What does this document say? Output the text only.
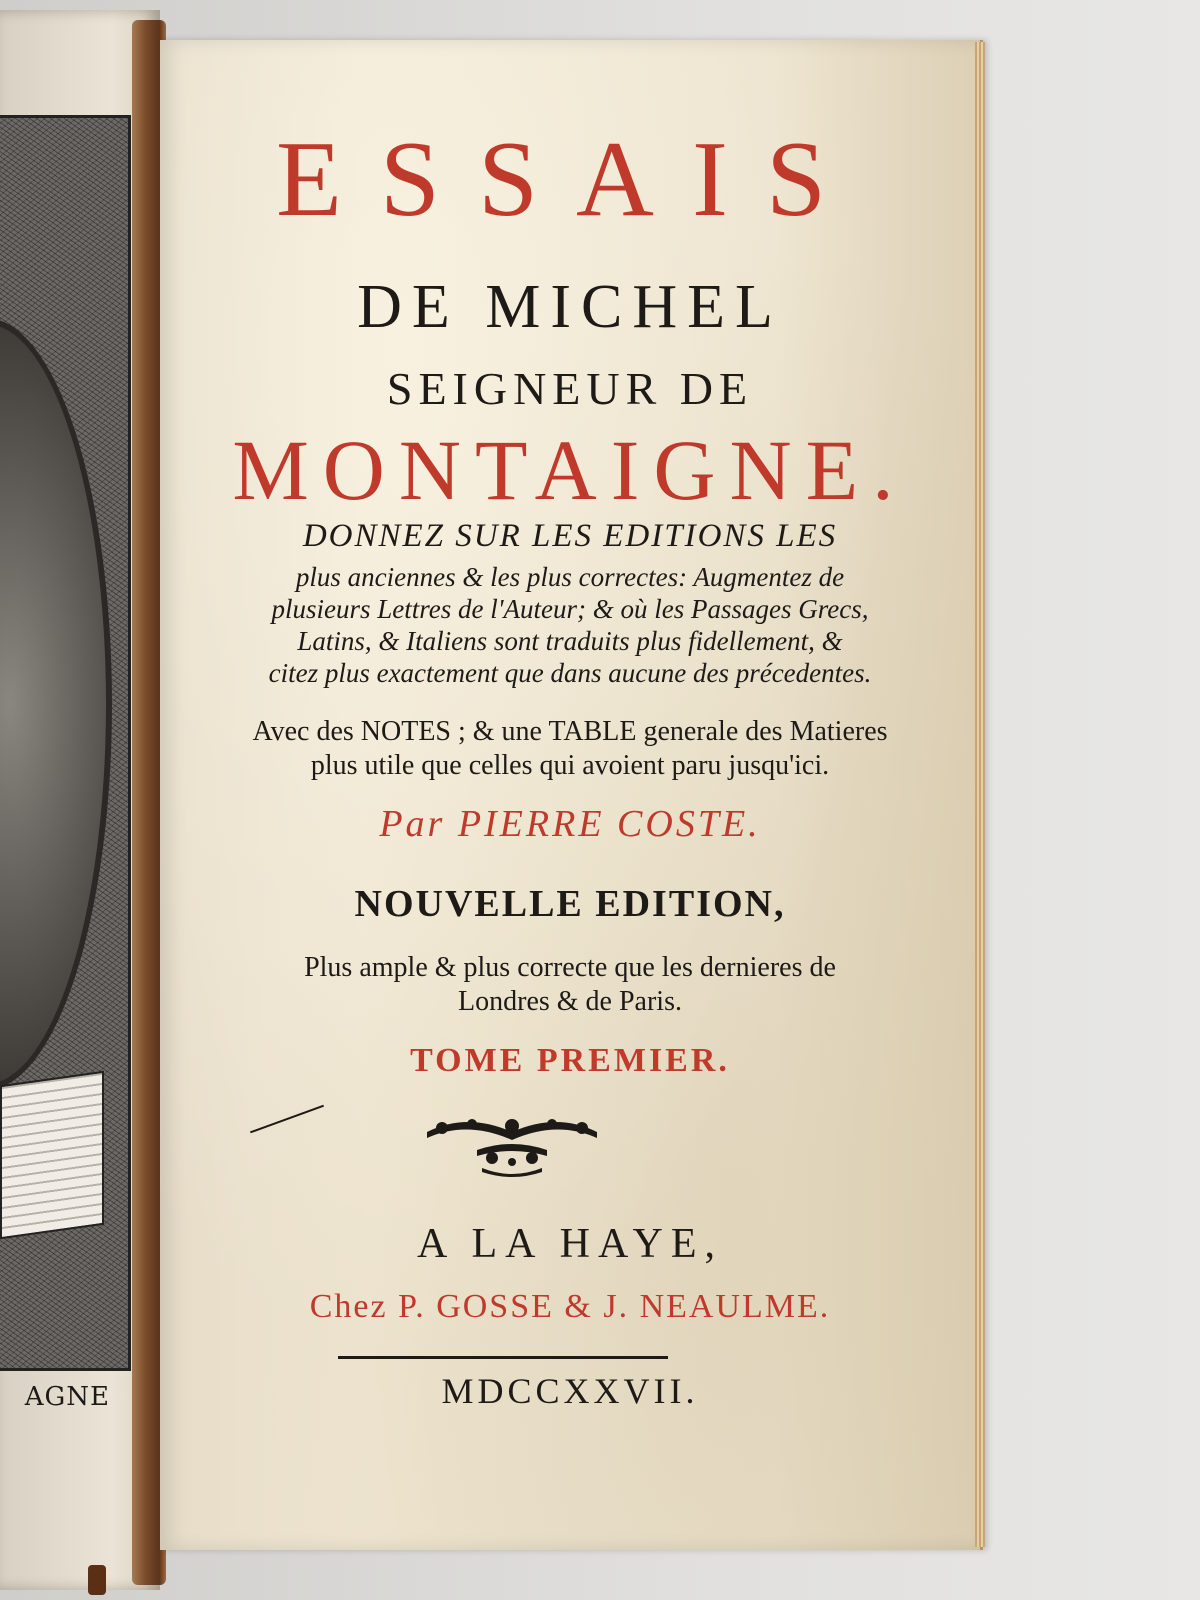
AGNE
ESSAIS
DE MICHEL
SEIGNEUR DE
MONTAIGNE.
DONNEZ SUR LES EDITIONS LES
plus anciennes & les plus correctes: Augmentez de
plusieurs Lettres de l'Auteur; & où les Passages Grecs,
Latins, & Italiens sont traduits plus fidellement, &
citez plus exactement que dans aucune des précedentes.
Avec des NOTES ; & une TABLE generale des Matieres
plus utile que celles qui avoient paru jusqu'ici.
Par PIERRE COSTE.
NOUVELLE EDITION,
Plus ample & plus correcte que les dernieres de
Londres & de Paris.
TOME PREMIER.
A LA HAYE,
Chez P. GOSSE & J. NEAULME.
MDCCXXVII.
